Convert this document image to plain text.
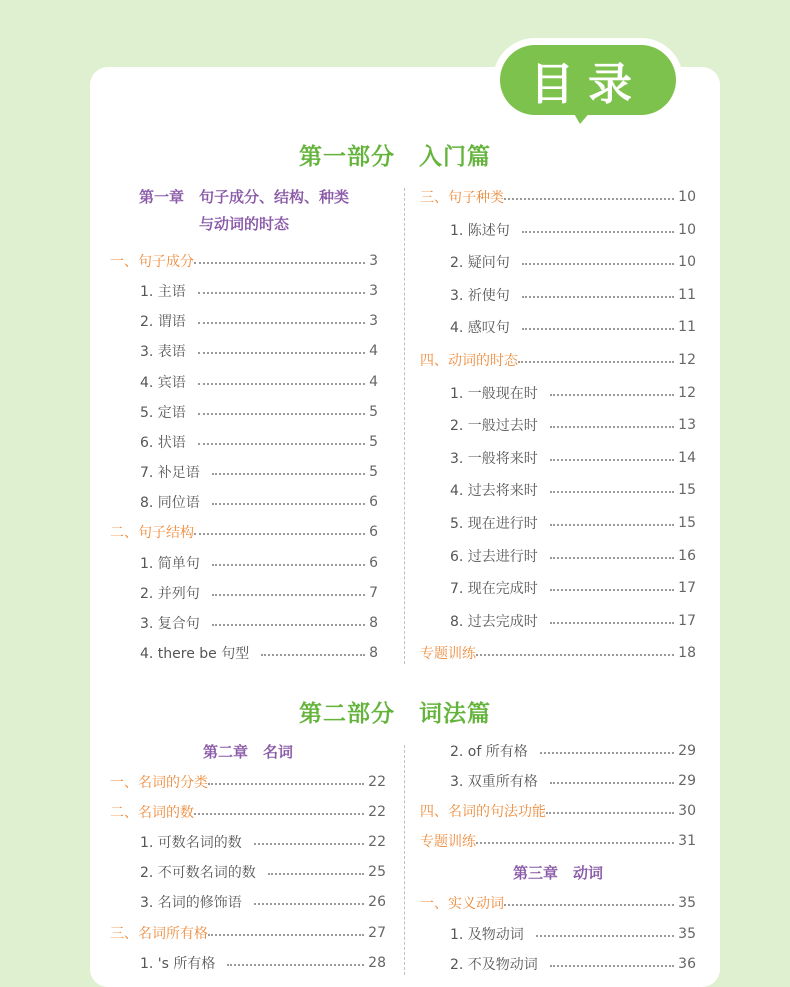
目录
第一部分　入门篇
第一章　句子成分、结构、种类
与动词的时态
一、句子成分	3
1. 主语	3
2. 谓语	3
3. 表语	4
4. 宾语	4
5. 定语	5
6. 状语	5
7. 补足语	5
8. 同位语	6
二、句子结构	6
1. 简单句	6
2. 并列句	7
3. 复合句	8
4. there be 句型	8
三、句子种类	10
1. 陈述句	10
2. 疑问句	10
3. 祈使句	11
4. 感叹句	11
四、动词的时态	12
1. 一般现在时	12
2. 一般过去时	13
3. 一般将来时	14
4. 过去将来时	15
5. 现在进行时	15
6. 过去进行时	16
7. 现在完成时	17
8. 过去完成时	17
专题训练	18
第二部分　词法篇
第二章　名词
一、名词的分类	22
二、名词的数	22
1. 可数名词的数	22
2. 不可数名词的数	25
3. 名词的修饰语	26
三、名词所有格	27
1. 's 所有格	28
第三章　动词
2. of 所有格	29
3. 双重所有格	29
四、名词的句法功能	30
专题训练	31
一、实义动词	35
1. 及物动词	35
2. 不及物动词	36
